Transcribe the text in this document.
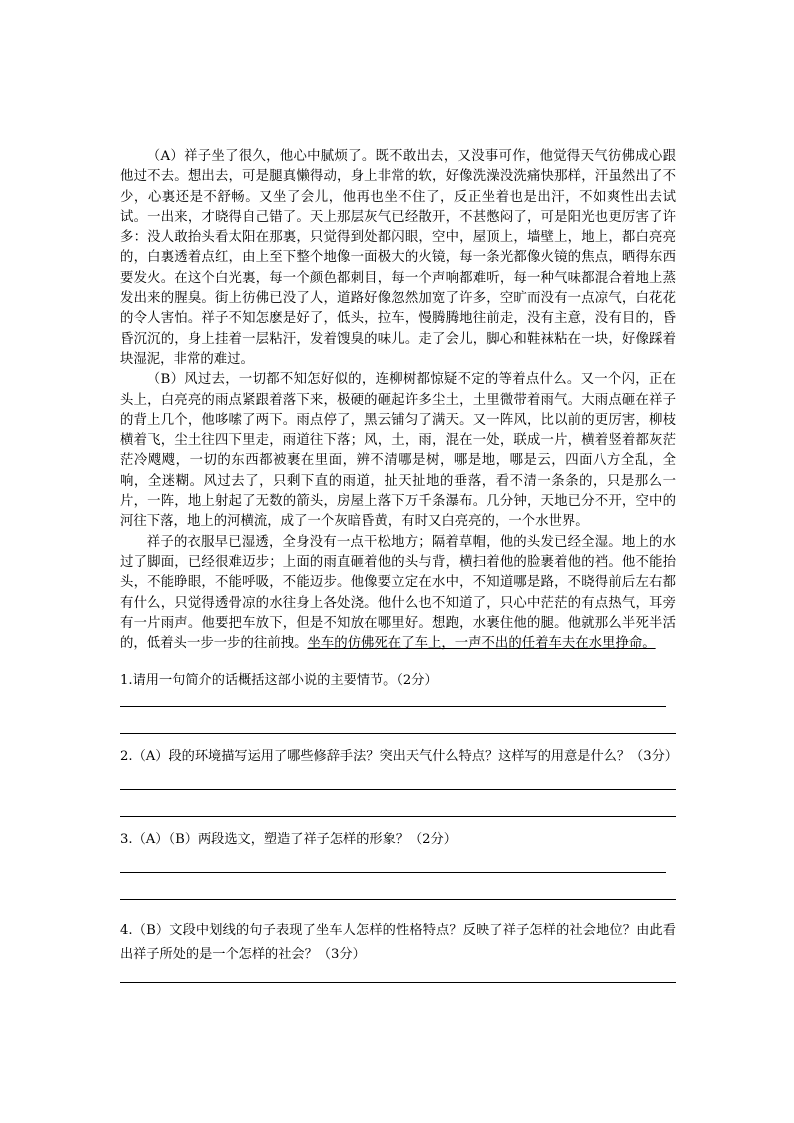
（A）祥子坐了很久，他心中腻烦了。既不敢出去，又没事可作，他觉得天气彷佛成心跟他过不去。想出去，可是腿真懒得动，身上非常的软，好像洗澡没洗痛快那样，汗虽然出了不少，心裏还是不舒畅。又坐了会儿，他再也坐不住了，反正坐着也是出汗，不如爽性出去试试。一出来，才晓得自己错了。天上那层灰气已经散开，不甚憋闷了，可是阳光也更厉害了许多：没人敢抬头看太阳在那裏，只觉得到处都闪眼，空中，屋顶上，墙壁上，地上，都白亮亮的，白裏透着点红，由上至下整个地像一面极大的火镜，每一条光都像火镜的焦点，晒得东西要发火。在这个白光裏，每一个颜色都刺目，每一个声响都难听，每一种气味都混合着地上蒸发出来的腥臭。街上彷佛已没了人，道路好像忽然加宽了许多，空旷而没有一点凉气，白花花的令人害怕。祥子不知怎麽是好了，低头，拉车，慢腾腾地往前走，没有主意，没有目的，昏昏沉沉的，身上挂着一层粘汗，发着馊臭的味儿。走了会儿，脚心和鞋袜粘在一块，好像踩着块湿泥，非常的难过。

（B）风过去，一切都不知怎好似的，连柳树都惊疑不定的等着点什么。又一个闪，正在头上，白亮亮的雨点紧跟着落下来，极硬的砸起许多尘土，土里微带着雨气。大雨点砸在祥子的背上几个，他哆嗦了两下。雨点停了，黑云铺匀了满天。又一阵风，比以前的更厉害，柳枝横着飞，尘土往四下里走，雨道往下落；风，土，雨，混在一处，联成一片，横着竖着都灰茫茫冷飕飕，一切的东西都被裹在里面，辨不清哪是树，哪是地，哪是云，四面八方全乱，全响，全迷糊。风过去了，只剩下直的雨道，扯天扯地的垂落，看不清一条条的，只是那么一片，一阵，地上射起了无数的箭头，房屋上落下万千条瀑布。几分钟，天地已分不开，空中的河往下落，地上的河横流，成了一个灰暗昏黄，有时又白亮亮的，一个水世界。

祥子的衣服早已湿透，全身没有一点干松地方；隔着草帽，他的头发已经全湿。地上的水过了脚面，已经很难迈步；上面的雨直砸着他的头与背，横扫着他的脸裹着他的裆。他不能抬头，不能睁眼，不能呼吸，不能迈步。他像要立定在水中，不知道哪是路，不晓得前后左右都有什么，只觉得透骨凉的水往身上各处浇。他什么也不知道了，只心中茫茫的有点热气，耳旁有一片雨声。他要把车放下，但是不知放在哪里好。想跑，水裹住他的腿。他就那么半死半活的，低着头一步一步的往前拽。坐车的仿佛死在了车上，一声不出的任着车夫在水里挣命。

1.请用一句简介的话概括这部小说的主要情节。（2分）

2.（A）段的环境描写运用了哪些修辞手法？突出天气什么特点？这样写的用意是什么？（3分）

3.（A）（B）两段选文，塑造了祥子怎样的形象？（2分）

4.（B）文段中划线的句子表现了坐车人怎样的性格特点？反映了祥子怎样的社会地位？由此看出祥子所处的是一个怎样的社会？（3分）
